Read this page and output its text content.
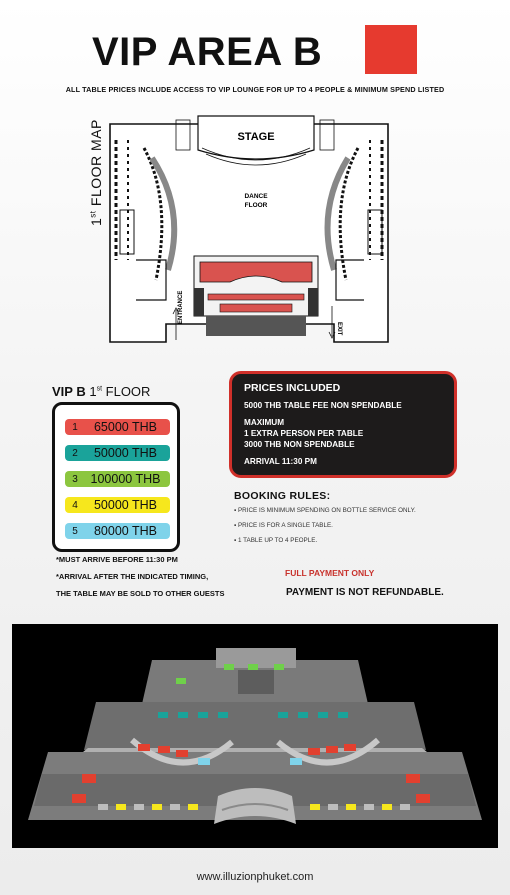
VIP AREA B
ALL TABLE PRICES INCLUDE ACCESS TO VIP LOUNGE FOR UP TO 4 PEOPLE & MINIMUM SPEND LISTED
1st FLOOR MAP	STAGE
DANCE
FLOOR
ENTRANCE
EXIT
VIP B 1st FLOOR
1	65000 THB
2	50000 THB
3	100000 THB
4	50000 THB
5	80000 THB
*MUST ARRIVE BEFORE 11:30 PM
*ARRIVAL AFTER THE INDICATED TIMING,
THE TABLE MAY BE SOLD TO OTHER GUESTS
PRICES INCLUDED
5000 THB TABLE FEE NON SPENDABLE
MAXIMUM
1 EXTRA PERSON PER TABLE
3000 THB NON SPENDABLE
ARRIVAL 11:30 PM
BOOKING RULES:
▪ PRICE IS MINIMUM SPENDING ON BOTTLE SERVICE ONLY.
▪ PRICE IS FOR A SINGLE TABLE.
▪ 1 TABLE UP TO 4 PEOPLE.
FULL PAYMENT ONLY
PAYMENT IS NOT REFUNDABLE.
www.illuzionphuket.com
